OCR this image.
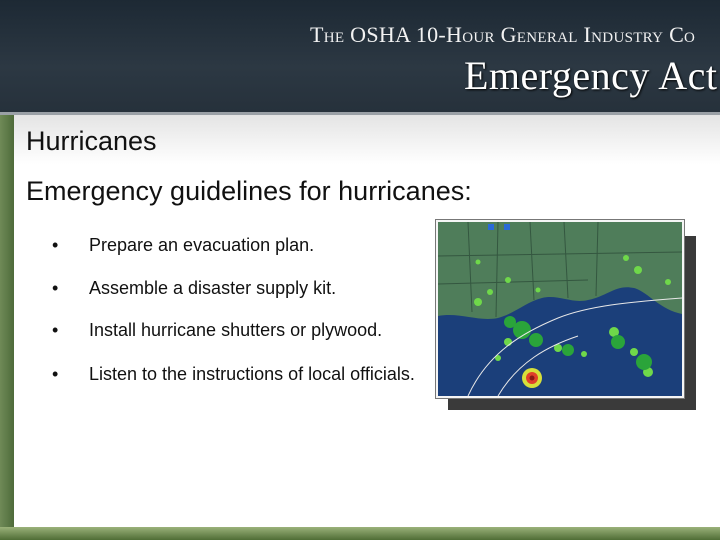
The OSHA 10-Hour General Industry Co
Emergency Act
Hurricanes
Emergency guidelines for hurricanes:
•	Prepare an evacuation plan.
•	Assemble a disaster supply kit.
•	Install hurricane shutters or plywood.
•	Listen to the instructions of local officials.
